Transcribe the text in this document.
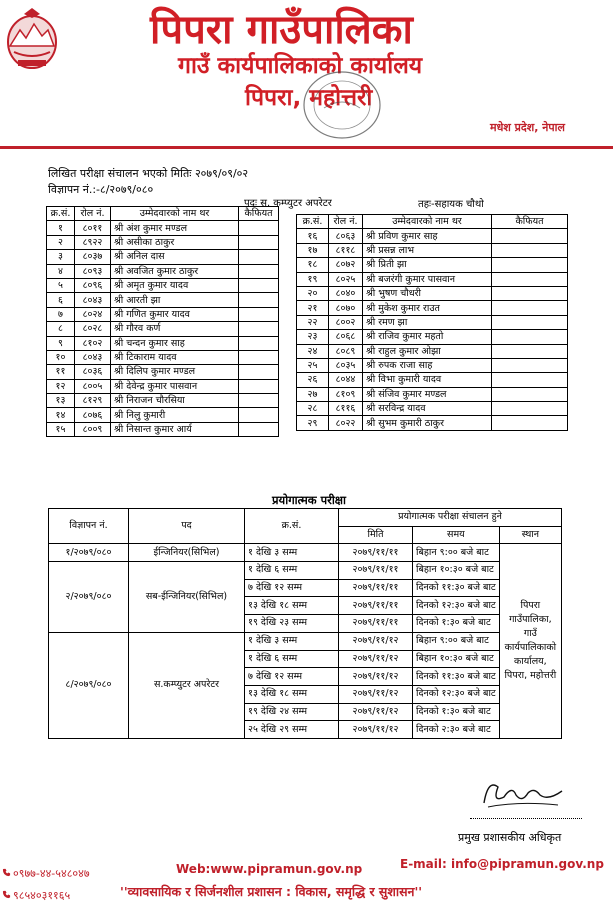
पिपरा गाउँपालिका
गाउँ कार्यपालिकाको कार्यालय
पिपरा, महोत्तरी
मधेश प्रदेश, नेपाल
लिखित परीक्षा संचालन भएको मितिः २०७९/०९/०२
विज्ञापन नं.:-८/२०७९/०८०
पदः स. कम्प्युटर अपरेटर	तहः-सहायक चौथो
क्र.सं.	रोल नं.	उम्मेदवारको नाम थर	कैफियत
१	८०११	श्री अंश कुमार मण्डल	
२	८९२२	श्री असीका ठाकुर	
३	८०३७	श्री अनिल दास	
४	८०९३	श्री अवजित कुमार ठाकुर	
५	८०९६	श्री अमृत कुमार यादव	
६	८०४३	श्री आरती झा	
७	८०२४	श्री गणित कुमार यादव	
८	८०२८	श्री गौरव कर्ण	
९	८१०२	श्री चन्दन कुमार साह	
१०	८०४३	श्री टिकाराम यादव	
११	८०३६	श्री दिलिप कुमार मण्डल	
१२	८००५	श्री देवेन्द्र कुमार पासवान	
१३	८१२९	श्री निराजन चौरसिया	
१४	८०७६	श्री निलु कुमारी	
१५	८००९	श्री निसान्त कुमार आर्य	
क्र.सं.	रोल नं.	उम्मेदवारको नाम थर	कैफियत
१६	८०६३	श्री प्रविण कुमार साह	
१७	८११८	श्री प्रसन्न लाभ	
१८	८०७२	श्री प्रिती झा	
१९	८०२५	श्री बजरंगी कुमार पासवान	
२०	८०४०	श्री भुषण चौधरी	
२१	८०७०	श्री मुकेश कुमार राउत	
२२	८००२	श्री रमण झा	
२३	८०६८	श्री राजिव कुमार महतो	
२४	८०८९	श्री राहुल कुमार ओझा	
२५	८०३५	श्री रुपक राजा साह	
२६	८०४४	श्री विभा कुमारी यादव	
२७	८१०९	श्री संजिव कुमार मण्डल	
२८	८११६	श्री सरविन्द्र यादव	
२९	८०२२	श्री सुभम कुमारी ठाकुर	
प्रयोगात्मक परीक्षा
विज्ञापन नं.	पद	क्र.सं.	प्रयोगात्मक परीक्षा संचालन हुने		
			मिति	समय	स्थान
१/२०७९/०८०	ईन्जिनियर(सिभिल)	१ देखि ३ सम्म	२०७९/११/११	बिहान ९:०० बजे बाट	पिपरा गाउँपालिका, गाउँ कार्यपालिकाको कार्यालय, पिपरा, महोत्तरी
२/२०७९/०८०	सब-ईन्जिनियर(सिभिल)	१ देखि ६ सम्म	२०७९/११/११	बिहान १०:३० बजे बाट	
		७ देखि १२ सम्म	२०७९/११/११	दिनको ११:३० बजे बाट	
		१३ देखि १८ सम्म	२०७९/११/११	दिनको १२:३० बजे बाट	
		१९ देखि २३ सम्म	२०७९/११/११	दिनको १:३० बजे बाट	
८/२०७९/०८०	स.कम्प्युटर अपरेटर	१ देखि ३ सम्म	२०७९/११/१२	बिहान ९:०० बजे बाट	
		१ देखि ६ सम्म	२०७९/११/१२	बिहान १०:३० बजे बाट	
		७ देखि १२ सम्म	२०७९/११/१२	दिनको ११:३० बजे बाट	
		१३ देखि १८ सम्म	२०७९/११/१२	दिनको १२:३० बजे बाट	
		१९ देखि २४ सम्म	२०७९/११/१२	दिनको १:३० बजे बाट	
		२५ देखि २९ सम्म	२०७९/११/१२	दिनको २:३० बजे बाट	
प्रमुख प्रशासकीय अधिकृत
०९७७-४४-५४८०४७	Web:www.pipramun.gov.np	E-mail: info@pipramun.gov.np
९८५४०३११६५	''व्यावसायिक र सिर्जनशील प्रशासन : विकास, समृद्धि र सुशासन''
